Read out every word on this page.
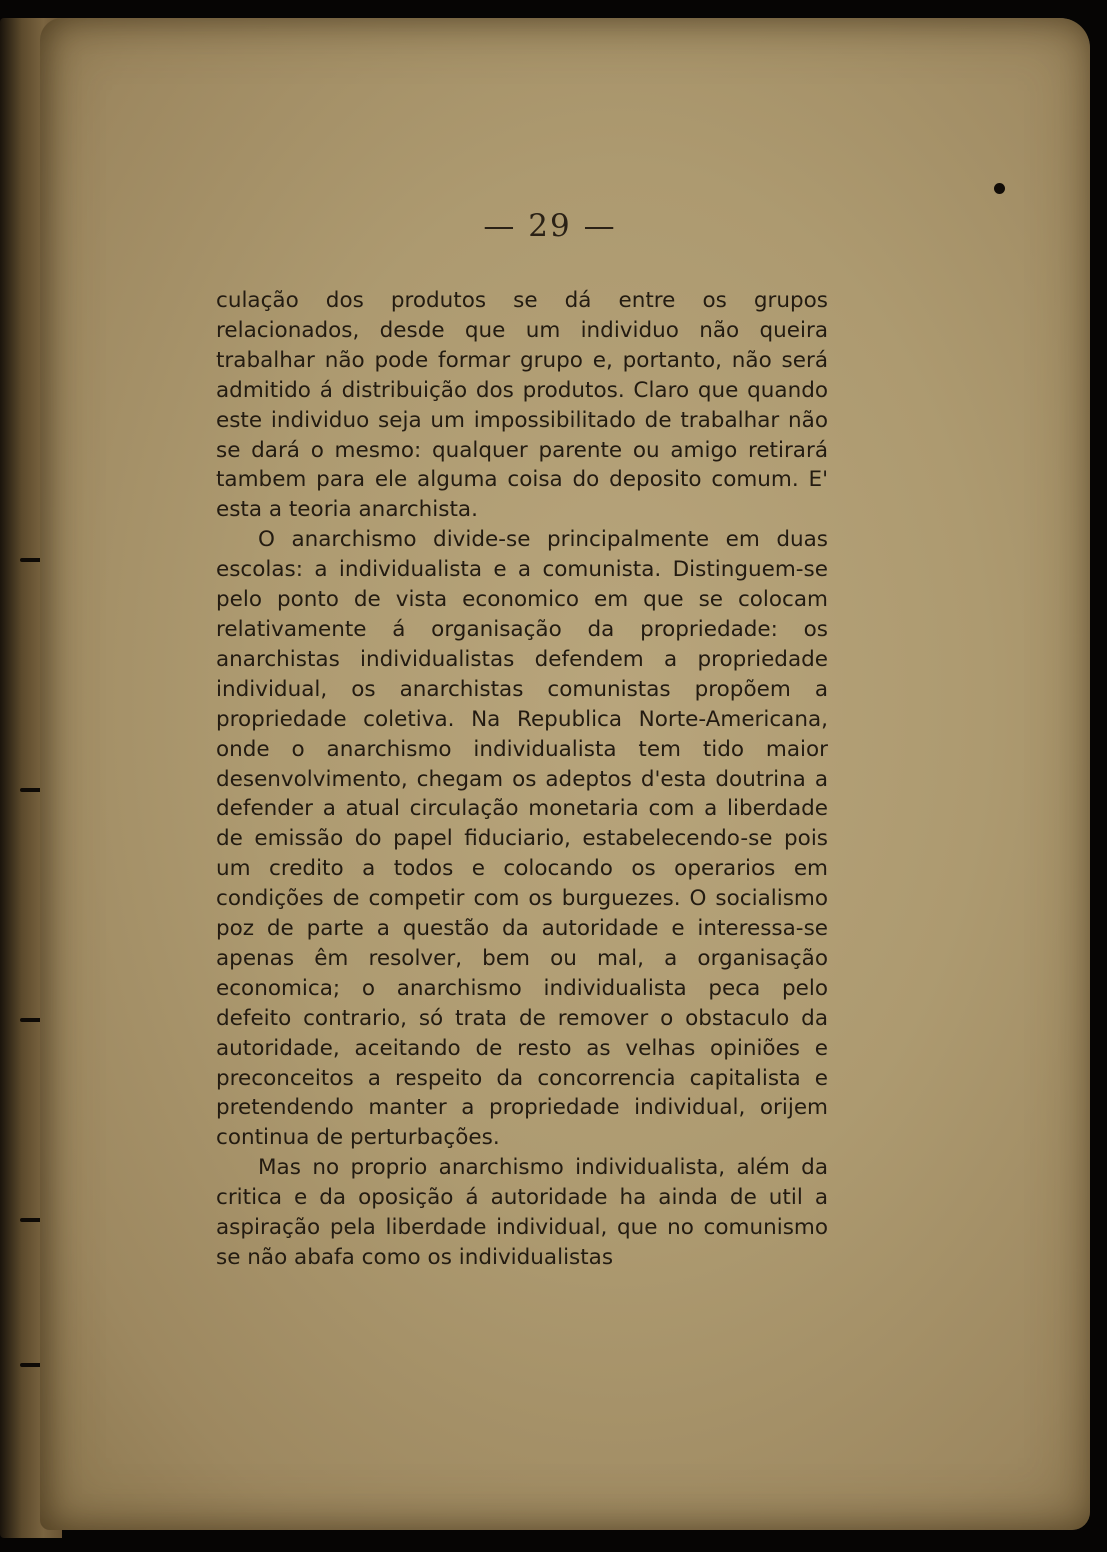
— 29 —

culação dos produtos se dá entre os grupos relacionados, desde que um individuo não queira trabalhar não pode formar grupo e, portanto, não será admitido á distribuição dos produtos. Claro que quando este individuo seja um impossibilitado de trabalhar não se dará o mesmo: qualquer parente ou amigo retirará tambem para ele alguma coisa do deposito comum. E' esta a teoria anarchista.

O anarchismo divide-se principalmente em duas escolas: a individualista e a comunista. Distinguem-se pelo ponto de vista economico em que se colocam relativamente á organisação da propriedade: os anarchistas individualistas defendem a propriedade individual, os anarchistas comunistas propõem a propriedade coletiva. Na Republica Norte-Americana, onde o anarchismo individualista tem tido maior desenvolvimento, chegam os adeptos d'esta doutrina a defender a atual circulação monetaria com a liberdade de emissão do papel fiduciario, estabelecendo-se pois um credito a todos e colocando os operarios em condições de competir com os burguezes. O socialismo poz de parte a questão da autoridade e interessa-se apenas êm resolver, bem ou mal, a organisação economica; o anarchismo individualista peca pelo defeito contrario, só trata de remover o obstaculo da autoridade, aceitando de resto as velhas opiniões e preconceitos a respeito da concorrencia capitalista e pretendendo manter a propriedade individual, orijem continua de perturbações.

Mas no proprio anarchismo individualista, além da critica e da oposição á autoridade ha ainda de util a aspiração pela liberdade individual, que no comunismo se não abafa como os individualistas
